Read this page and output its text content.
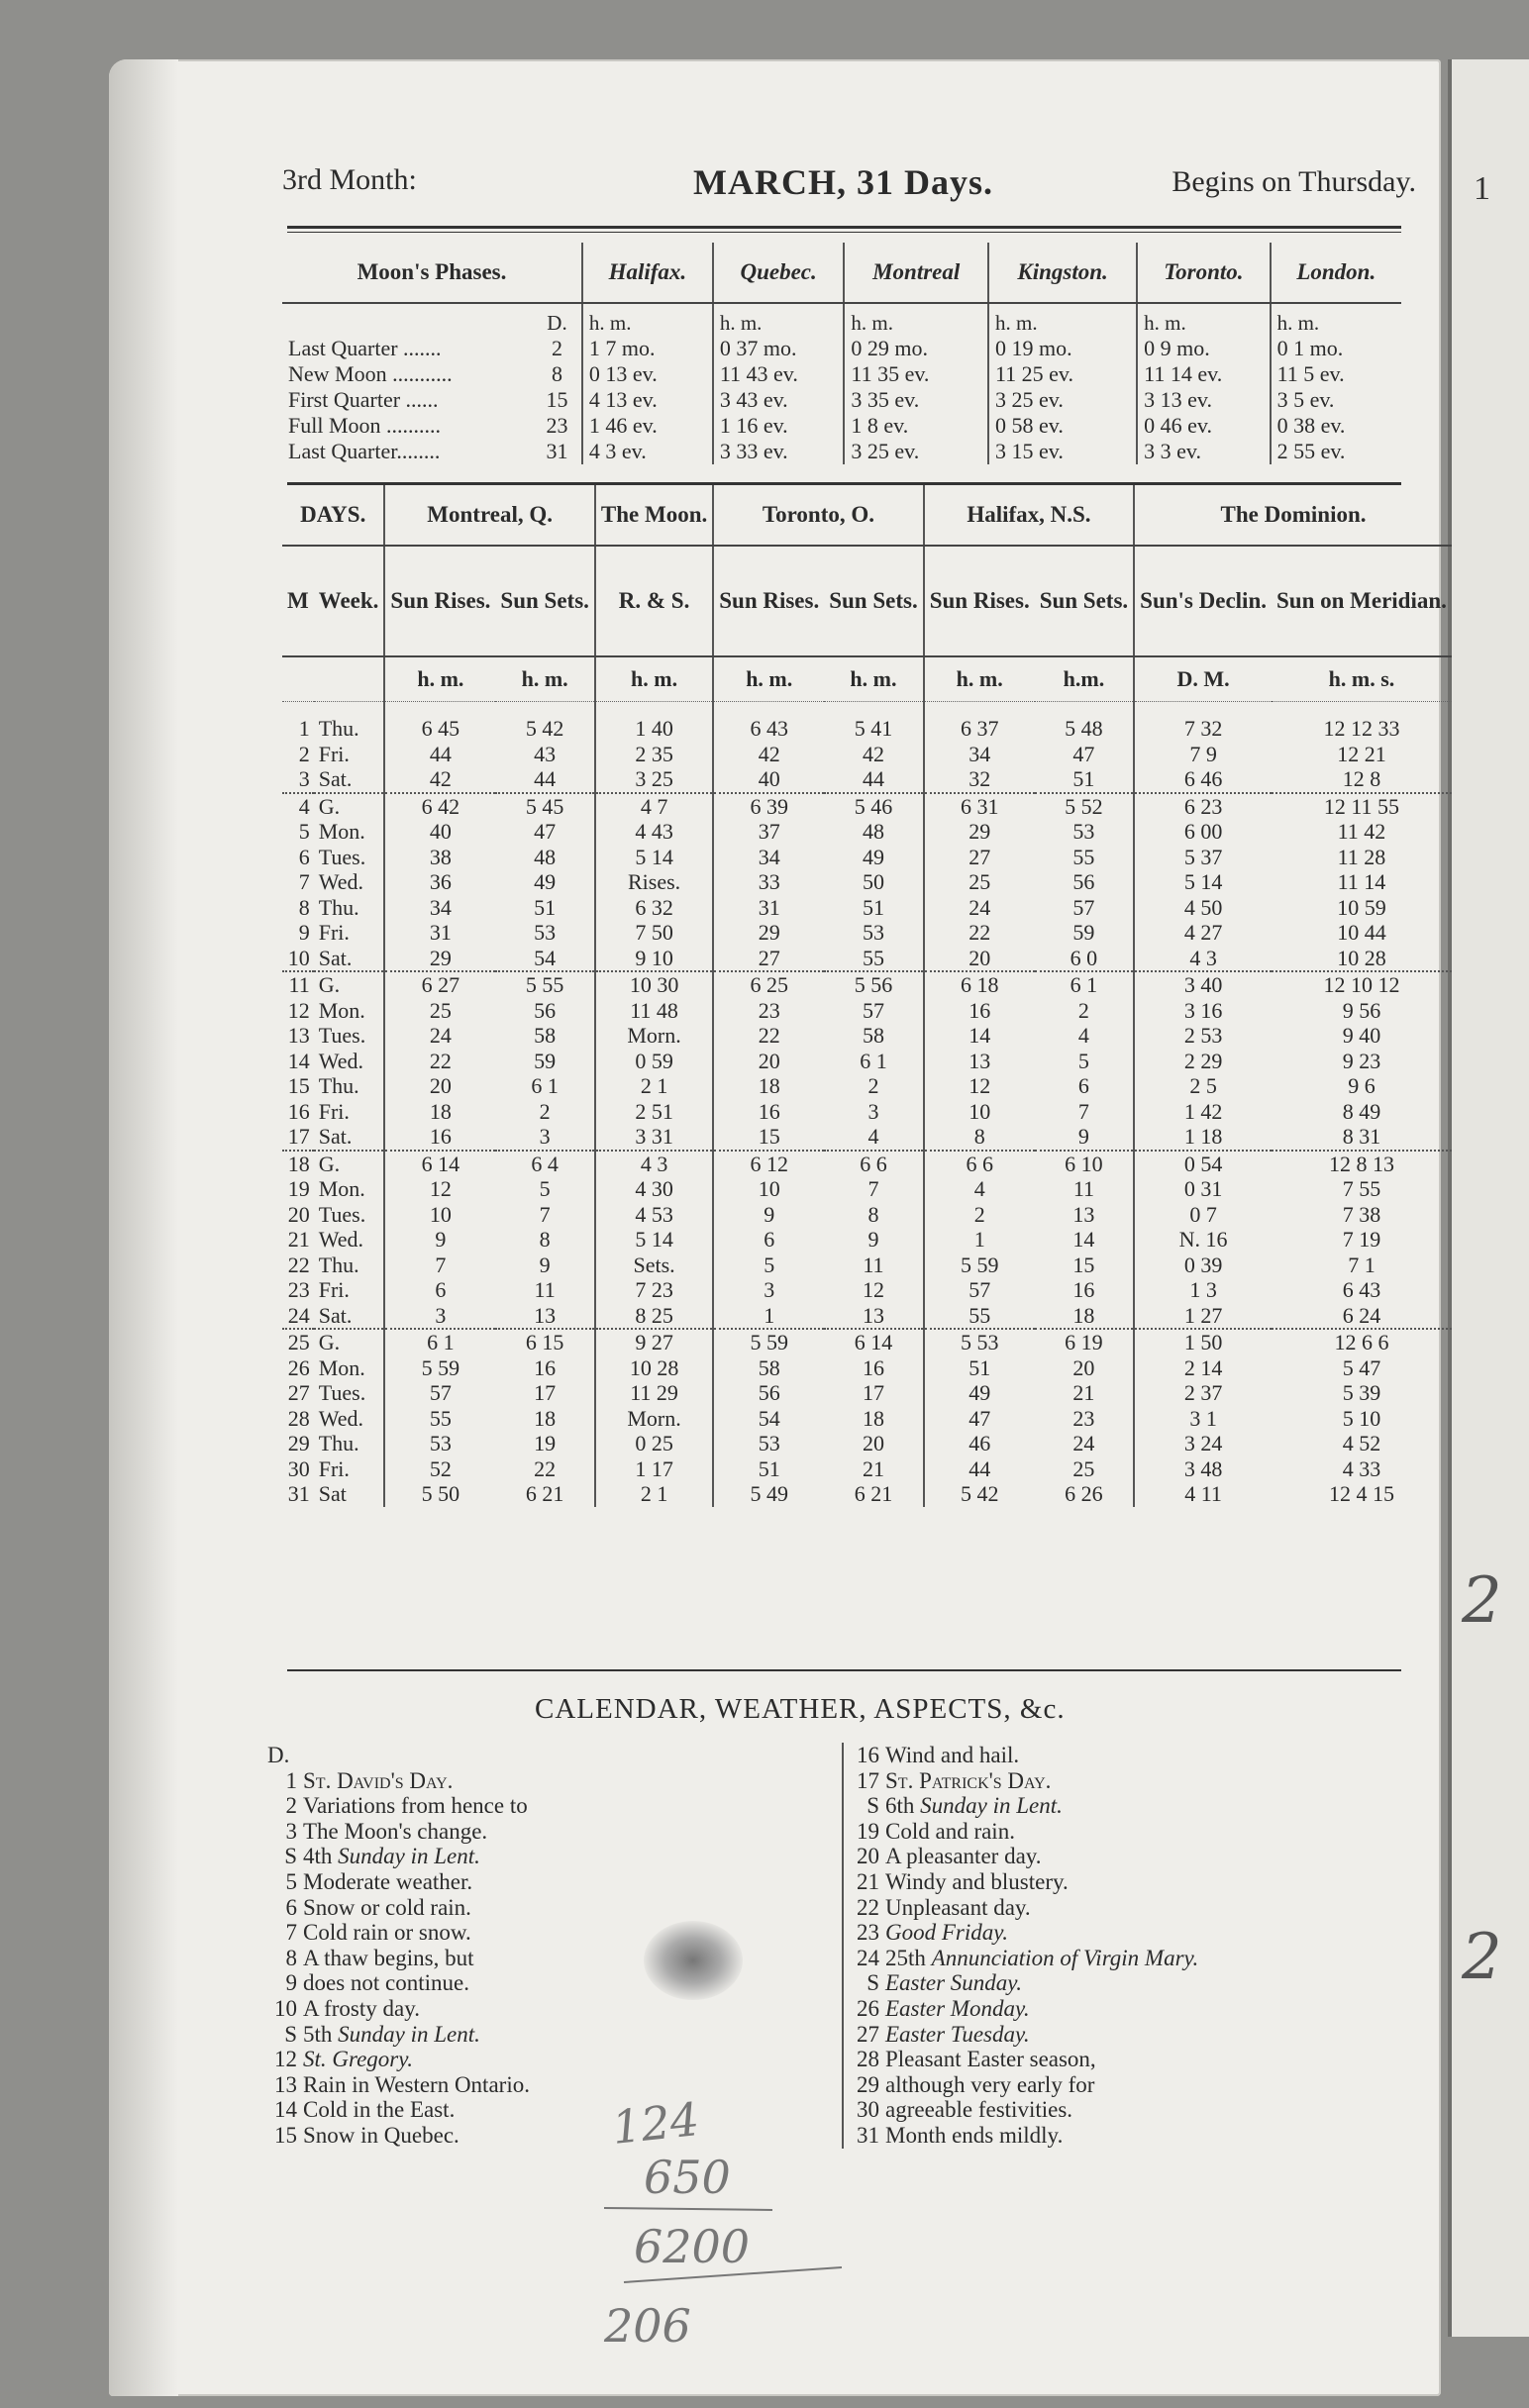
1
2
2
3rd Month:	MARCH, 31 Days.	Begins on Thursday.
Moon's Phases.		Halifax.	Quebec.	Montreal	Kingston.	Toronto.	London.
	D.	h. m.	h. m.	h. m.	h. m.	h. m.	h. m.
Last Quarter .......	2	1 7 mo.	0 37 mo.	0 29 mo.	0 19 mo.	0 9 mo.	0 1 mo.
New Moon ...........	8	0 13 ev.	11 43 ev.	11 35 ev.	11 25 ev.	11 14 ev.	11 5 ev.
First Quarter ......	15	4 13 ev.	3 43 ev.	3 35 ev.	3 25 ev.	3 13 ev.	3 5 ev.
Full Moon ..........	23	1 46 ev.	1 16 ev.	1 8 ev.	0 58 ev.	0 46 ev.	0 38 ev.
Last Quarter........	31	4 3 ev.	3 33 ev.	3 25 ev.	3 15 ev.	3 3 ev.	2 55 ev.
DAYS.		Montreal, Q.		The Moon.	Toronto, O.		Halifax, N.S.		The Dominion.	
M	Week.	Sun Rises.	Sun Sets.	R. & S.	Sun Rises.	Sun Sets.	Sun Rises.	Sun Sets.	Sun's Declin.	Sun on Meridian.
		h. m.	h. m.	h. m.	h. m.	h. m.	h. m.	h.m.	D. M.	h. m. s.
1	Thu.	6 45	5 42	1 40	6 43	5 41	6 37	5 48	7 32	12 12 33
2	Fri.	44	43	2 35	42	42	34	47	7 9	12 21
3	Sat.	42	44	3 25	40	44	32	51	6 46	12 8
4	G.	6 42	5 45	4 7	6 39	5 46	6 31	5 52	6 23	12 11 55
5	Mon.	40	47	4 43	37	48	29	53	6 00	11 42
6	Tues.	38	48	5 14	34	49	27	55	5 37	11 28
7	Wed.	36	49	Rises.	33	50	25	56	5 14	11 14
8	Thu.	34	51	6 32	31	51	24	57	4 50	10 59
9	Fri.	31	53	7 50	29	53	22	59	4 27	10 44
10	Sat.	29	54	9 10	27	55	20	6 0	4 3	10 28
11	G.	6 27	5 55	10 30	6 25	5 56	6 18	6 1	3 40	12 10 12
12	Mon.	25	56	11 48	23	57	16	2	3 16	9 56
13	Tues.	24	58	Morn.	22	58	14	4	2 53	9 40
14	Wed.	22	59	0 59	20	6 1	13	5	2 29	9 23
15	Thu.	20	6 1	2 1	18	2	12	6	2 5	9 6
16	Fri.	18	2	2 51	16	3	10	7	1 42	8 49
17	Sat.	16	3	3 31	15	4	8	9	1 18	8 31
18	G.	6 14	6 4	4 3	6 12	6 6	6 6	6 10	0 54	12 8 13
19	Mon.	12	5	4 30	10	7	4	11	0 31	7 55
20	Tues.	10	7	4 53	9	8	2	13	0 7	7 38
21	Wed.	9	8	5 14	6	9	1	14	N. 16	7 19
22	Thu.	7	9	Sets.	5	11	5 59	15	0 39	7 1
23	Fri.	6	11	7 23	3	12	57	16	1 3	6 43
24	Sat.	3	13	8 25	1	13	55	18	1 27	6 24
25	G.	6 1	6 15	9 27	5 59	6 14	5 53	6 19	1 50	12 6 6
26	Mon.	5 59	16	10 28	58	16	51	20	2 14	5 47
27	Tues.	57	17	11 29	56	17	49	21	2 37	5 39
28	Wed.	55	18	Morn.	54	18	47	23	3 1	5 10
29	Thu.	53	19	0 25	53	20	46	24	3 24	4 52
30	Fri.	52	22	1 17	51	21	44	25	3 48	4 33
31	Sat	5 50	6 21	2 1	5 49	6 21	5 42	6 26	4 11	12 4 15
CALENDAR, WEATHER, ASPECTS, &c.
D.
1 St. David's Day.
2 Variations from hence to
3 The Moon's change.
S 4th Sunday in Lent.
5 Moderate weather.
6 Snow or cold rain.
7 Cold rain or snow.
8 A thaw begins, but
9 does not continue.
10 A frosty day.
S 5th Sunday in Lent.
12 St. Gregory.
13 Rain in Western Ontario.
14 Cold in the East.
15 Snow in Quebec.
16 Wind and hail.
17 St. Patrick's Day.
S 6th Sunday in Lent.
19 Cold and rain.
20 A pleasanter day.
21 Windy and blustery.
22 Unpleasant day.
23 Good Friday.
24 25th Annunciation of Virgin Mary.
S Easter Sunday.
26 Easter Monday.
27 Easter Tuesday.
28 Pleasant Easter season,
29 although very early for
30 agreeable festivities.
31 Month ends mildly.
124
650
6200
206
